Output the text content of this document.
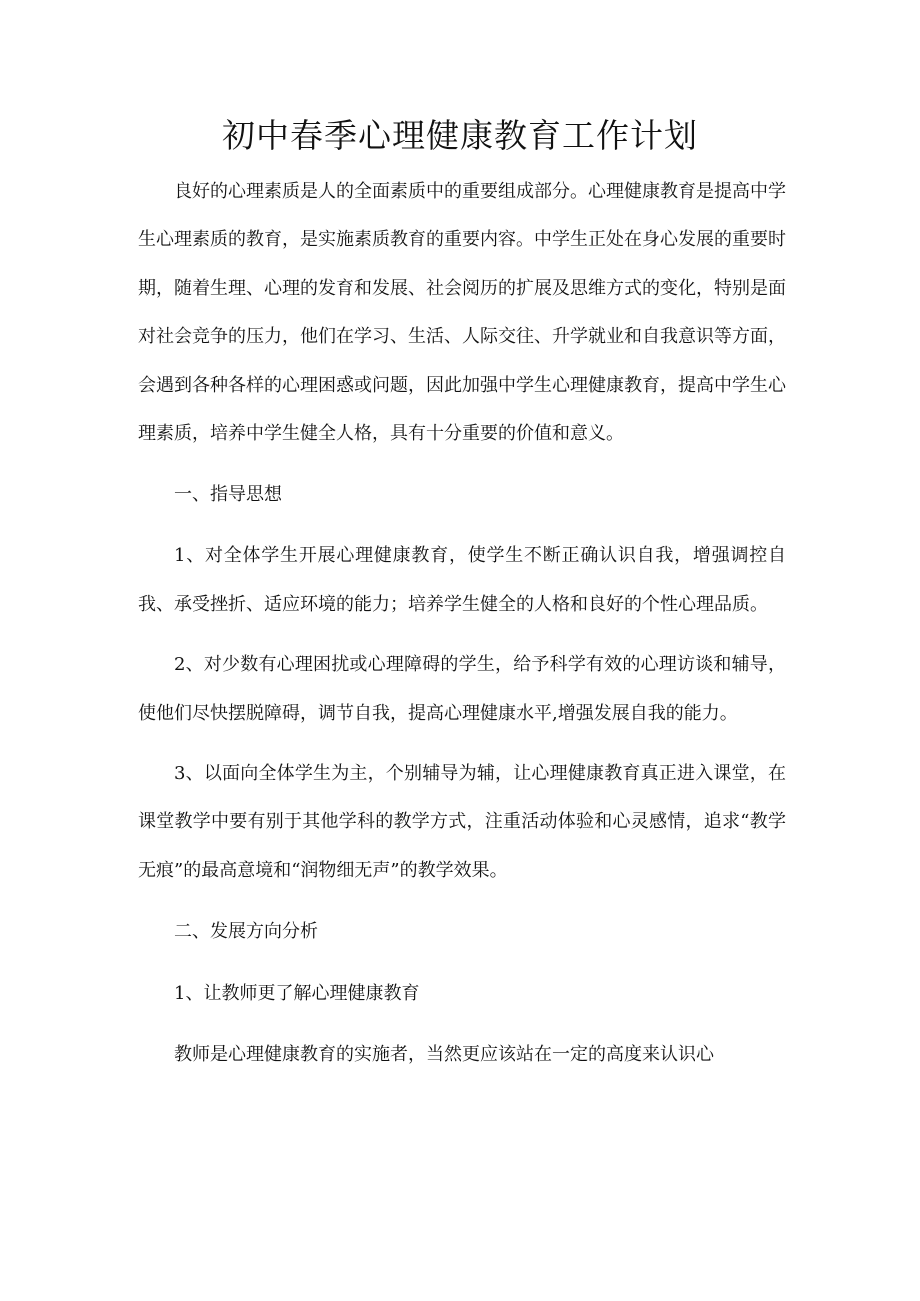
初中春季心理健康教育工作计划

良好的心理素质是人的全面素质中的重要组成部分。心理健康教育是提高中学生心理素质的教育，是实施素质教育的重要内容。中学生正处在身心发展的重要时期，随着生理、心理的发育和发展、社会阅历的扩展及思维方式的变化，特别是面对社会竞争的压力，他们在学习、生活、人际交往、升学就业和自我意识等方面，会遇到各种各样的心理困惑或问题，因此加强中学生心理健康教育，提高中学生心理素质，培养中学生健全人格，具有十分重要的价值和意义。

一、指导思想

1、对全体学生开展心理健康教育，使学生不断正确认识自我，增强调控自我、承受挫折、适应环境的能力；培养学生健全的人格和良好的个性心理品质。

2、对少数有心理困扰或心理障碍的学生，给予科学有效的心理访谈和辅导，使他们尽快摆脱障碍，调节自我，提高心理健康水平,增强发展自我的能力。

3、以面向全体学生为主，个别辅导为辅，让心理健康教育真正进入课堂，在课堂教学中要有别于其他学科的教学方式，注重活动体验和心灵感情，追求“教学无痕”的最高意境和“润物细无声”的教学效果。

二、发展方向分析

1、让教师更了解心理健康教育

教师是心理健康教育的实施者，当然更应该站在一定的高度来认识心
